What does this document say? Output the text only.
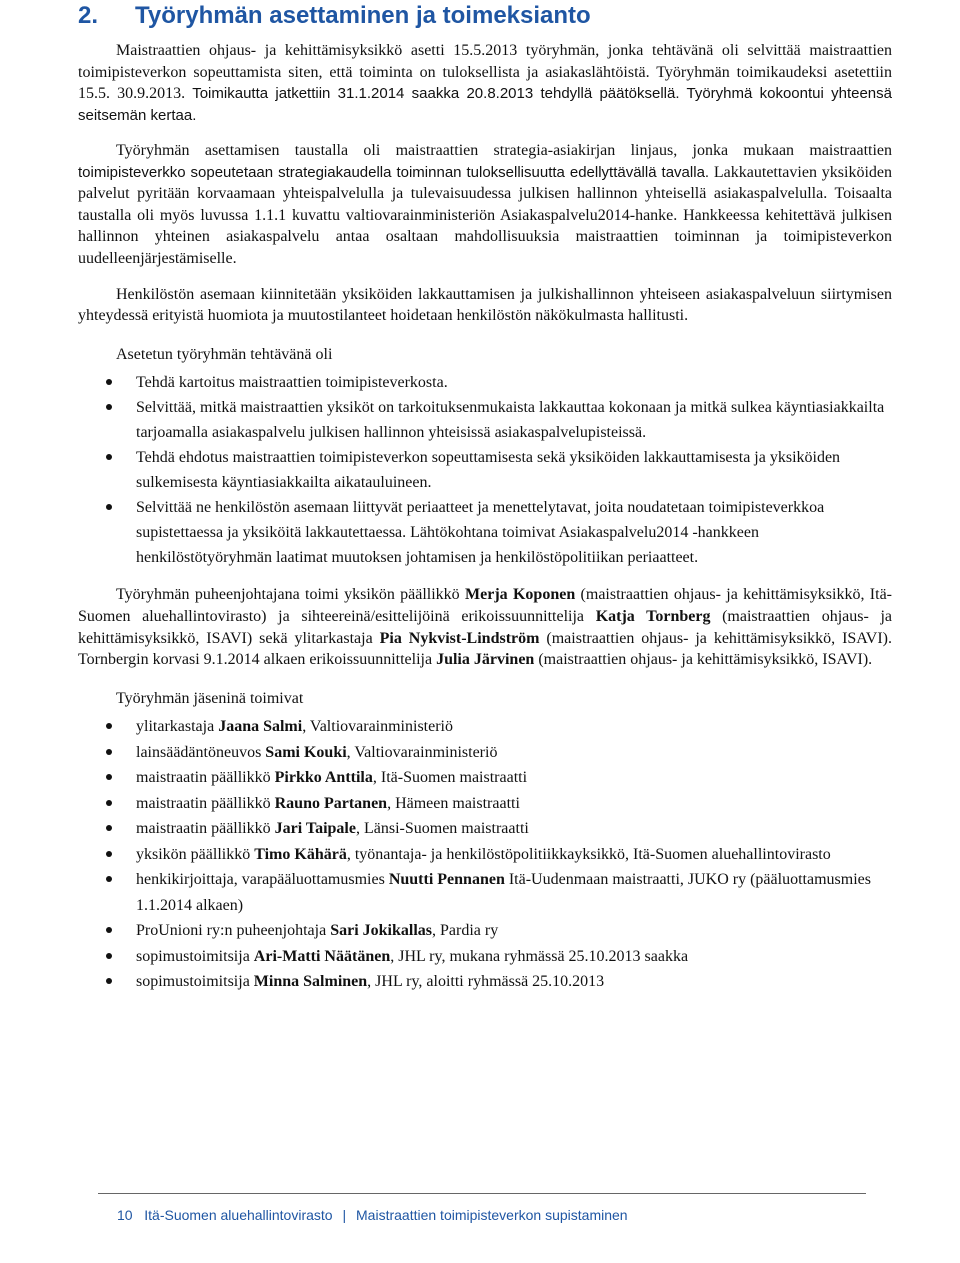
2. Työryhmän asettaminen ja toimeksianto

Maistraattien ohjaus- ja kehittämisyksikkö asetti 15.5.2013 työryhmän, jonka tehtävänä oli selvittää maistraattien toimipisteverkon sopeuttamista siten, että toiminta on tuloksellista ja asiakaslähtöistä. Työryhmän toimikaudeksi asetettiin 15.5. 30.9.2013. Toimikautta jatkettiin 31.1.2014 saakka 20.8.2013 tehdyllä päätöksellä. Työryhmä kokoontui yhteensä seitsemän kertaa.

Työryhmän asettamisen taustalla oli maistraattien strategia-asiakirjan linjaus, jonka mukaan maistraattien toimipisteverkko sopeutetaan strategiakaudella toiminnan tuloksellisuutta edellyttävällä tavalla. Lakkautettavien yksiköiden palvelut pyritään korvaamaan yhteispalvelulla ja tulevaisuudessa julkisen hallinnon yhteisellä asiakaspalvelulla. Toisaalta taustalla oli myös luvussa 1.1.1 kuvattu valtiovarainministeriön Asiakaspalvelu2014-hanke. Hankkeessa kehitettävä julkisen hallinnon yhteinen asiakaspalvelu antaa osaltaan mahdollisuuksia maistraattien toiminnan ja toimipisteverkon uudelleenjärjestämiselle.

Henkilöstön asemaan kiinnitetään yksiköiden lakkauttamisen ja julkishallinnon yhteiseen asiakaspalveluun siirtymisen yhteydessä erityistä huomiota ja muutostilanteet hoidetaan henkilöstön näkökulmasta hallitusti.

Asetetun työryhmän tehtävänä oli

Tehdä kartoitus maistraattien toimipisteverkosta.
Selvittää, mitkä maistraattien yksiköt on tarkoituksenmukaista lakkauttaa kokonaan ja mitkä sulkea käyntiasiakkailta tarjoamalla asiakaspalvelu julkisen hallinnon yhteisissä asiakaspalvelupisteissä.
Tehdä ehdotus maistraattien toimipisteverkon sopeuttamisesta sekä yksiköiden lakkauttamisesta ja yksiköiden sulkemisesta käyntiasiakkailta aikatauluineen.
Selvittää ne henkilöstön asemaan liittyvät periaatteet ja menettelytavat, joita noudatetaan toimipisteverkkoa supistettaessa ja yksiköitä lakkautettaessa. Lähtökohtana toimivat Asiakaspalvelu2014 -hankkeen henkilöstötyöryhmän laatimat muutoksen johtamisen ja henkilöstöpolitiikan periaatteet.

Työryhmän puheenjohtajana toimi yksikön päällikkö Merja Koponen (maistraattien ohjaus- ja kehittämisyksikkö, Itä-Suomen aluehallintovirasto) ja sihteereinä/esittelijöinä erikoissuunnittelija Katja Tornberg (maistraattien ohjaus- ja kehittämisyksikkö, ISAVI) sekä ylitarkastaja Pia Nykvist-Lindström (maistraattien ohjaus- ja kehittämisyksikkö, ISAVI). Tornbergin korvasi 9.1.2014 alkaen erikoissuunnittelija Julia Järvinen (maistraattien ohjaus- ja kehittämisyksikkö, ISAVI).

Työryhmän jäseninä toimivat

ylitarkastaja Jaana Salmi, Valtiovarainministeriö
lainsäädäntöneuvos Sami Kouki, Valtiovarainministeriö
maistraatin päällikkö Pirkko Anttila, Itä-Suomen maistraatti
maistraatin päällikkö Rauno Partanen, Hämeen maistraatti
maistraatin päällikkö Jari Taipale, Länsi-Suomen maistraatti
yksikön päällikkö Timo Kähärä, työnantaja- ja henkilöstöpolitiikkayksikkö, Itä-Suomen aluehallintovirasto
henkikirjoittaja, varapääluottamusmies Nuutti Pennanen Itä-Uudenmaan maistraatti, JUKO ry (pääluottamusmies 1.1.2014 alkaen)
ProUnioni ry:n puheenjohtaja Sari Jokikallas, Pardia ry
sopimustoimitsija Ari-Matti Näätänen, JHL ry, mukana ryhmässä 25.10.2013 saakka
sopimustoimitsija Minna Salminen, JHL ry, aloitti ryhmässä 25.10.2013
10 Itä-Suomen aluehallintovirasto | Maistraattien toimipisteverkon supistaminen
